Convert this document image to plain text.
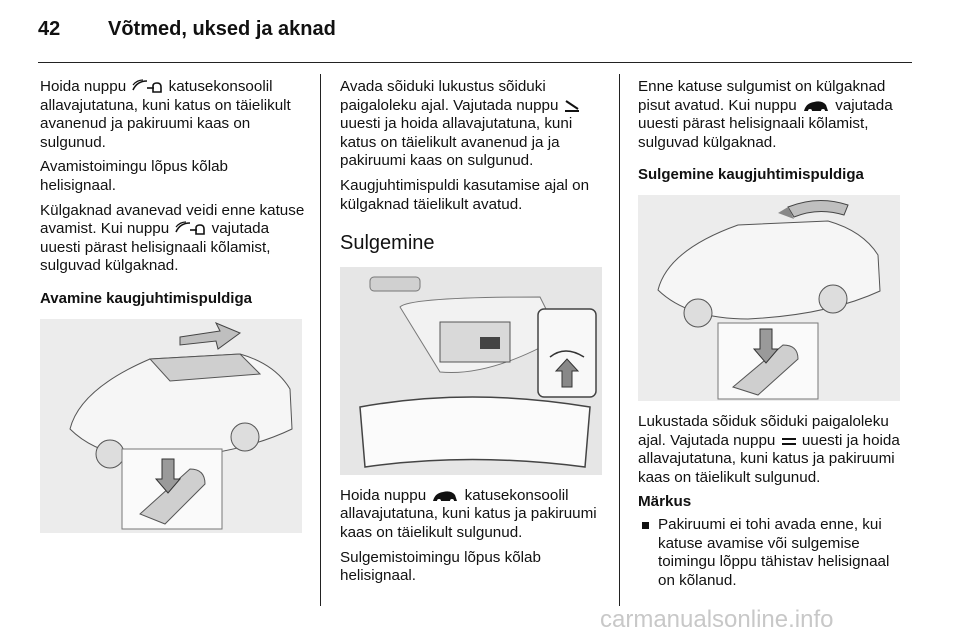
42 Võtmed, uksed ja aknad

Hoida nuppu	katusekonsoolil allavajutatuna, kuni katus on täielikult avanenud ja pakiruumi kaas on sulgunud.

Avamistoimingu lõpus kõlab helisignaal.

Külgaknad avanevad veidi enne katuse avamist. Kui nuppu	vajutada uuesti pärast helisignaali kõlamist, sulguvad külgaknad.

Avamine kaugjuhtimispuldiga

Avada sõiduki lukustus sõiduki paigaloleku ajal. Vajutada nuppu  uuesti ja hoida allavajutatuna, kuni katus on täielikult avanenud ja ja pakiruumi kaas on sulgunud.

Kaugjuhtimispuldi kasutamise ajal on külgaknad täielikult avatud.

Sulgemine

Hoida nuppu	katusekonsoolil allavajutatuna, kuni katus ja pakiruumi kaas on täielikult sulgunud.

Sulgemistoimingu lõpus kõlab helisignaal.

Enne katuse sulgumist on külgaknad pisut avatud. Kui nuppu	vajutada uuesti pärast helisignaali kõlamist, sulguvad külgaknad.

Sulgemine kaugjuhtimispuldiga

Lukustada sõiduk sõiduki paigaloleku ajal. Vajutada nuppu uuesti ja hoida allavajutatuna, kuni katus ja pakiruumi kaas on täielikult sulgunud.

Märkus
Pakiruumi ei tohi avada enne, kui katuse avamise või sulgemise toimingu lõppu tähistav helisignaal on kõlanud.
carmanualsonline.info
